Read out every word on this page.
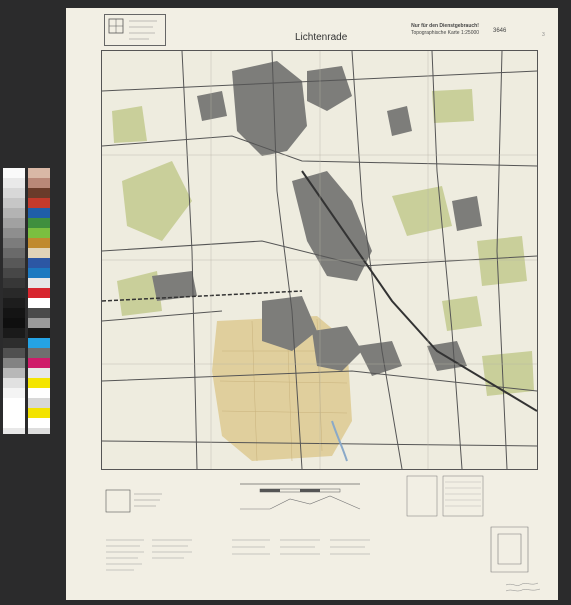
Lichtenrade
Nur für den Dienstgebrauch!
Topographische Karte 1:25000	3646
3
